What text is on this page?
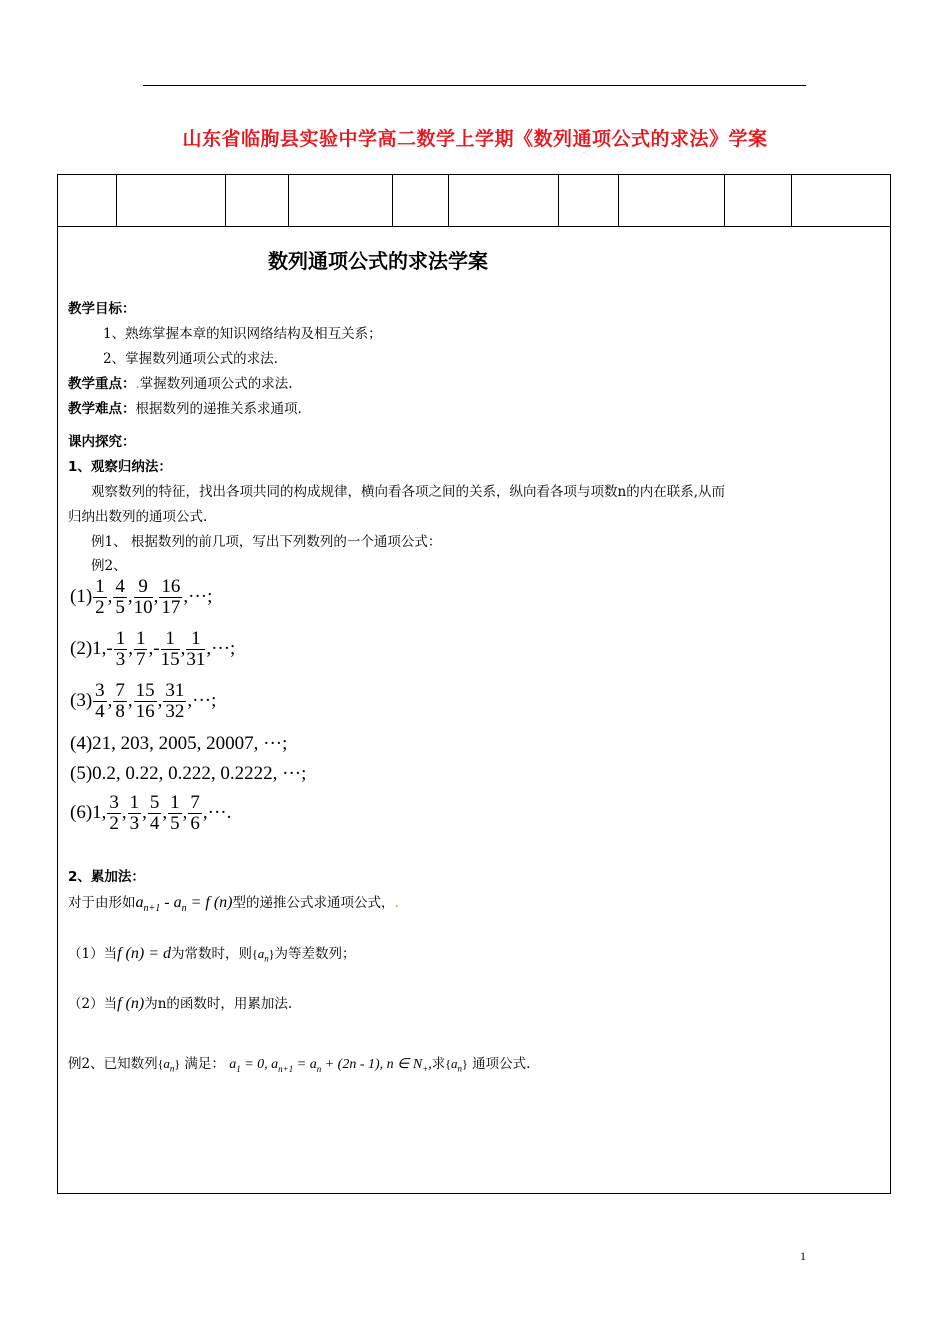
山东省临朐县实验中学高二数学上学期《数列通项公式的求法》学案
数列通项公式的求法学案
教学目标：
1、熟练掌握本章的知识网络结构及相互关系；
2、掌握数列通项公式的求法.
教学重点：.掌握数列通项公式的求法.
教学难点：根据数列的递推关系求通项.
课内探究：
1、观察归纳法：
观察数列的特征，找出各项共同的构成规律，横向看各项之间的关系，纵向看各项与项数n的内在联系,从而
归纳出数列的通项公式.
例1、 根据数列的前几项，写出下列数列的一个通项公式：
例2、
$(1) \frac{1}{2}$ , $\frac{4}{5}$ , $\frac{9}{10}$ , $\frac{16}{17}$ ,···;
$(2)1,- \frac{1}{3}$ , $\frac{1}{7}$ ,- $\frac{1}{15}$ , $\frac{1}{31}$ ,···;
$(3) \frac{3}{4}$ , $\frac{7}{8}$ , $\frac{15}{16}$ , $\frac{31}{32}$ ,···;
(4)21, 203, 2005, 20007, ···;
(5)0.2, 0.22, 0.222, 0.2222, ···;
(6)1, $\frac{3}{2}$ , $\frac{1}{3}$ , $\frac{5}{4}$ , $\frac{1}{5}$ , $\frac{7}{6}$ ,···.
2、累加法：
对于由形如$a_{n+1} - a_n = f$ (n)型的递推公式求通项公式，.
（1）当f (n) = d为常数时，则$\{a_n\}$为等差数列；
（2）当f (n)为n的函数时，用累加法.
例2、已知数列$\{a_n\}$ 满足： $a_1 = 0$, $a_{n+1} = a_n + (2n - 1)$, n ∈ $N_+$,求$\{a_n\}$ 通项公式.
1
